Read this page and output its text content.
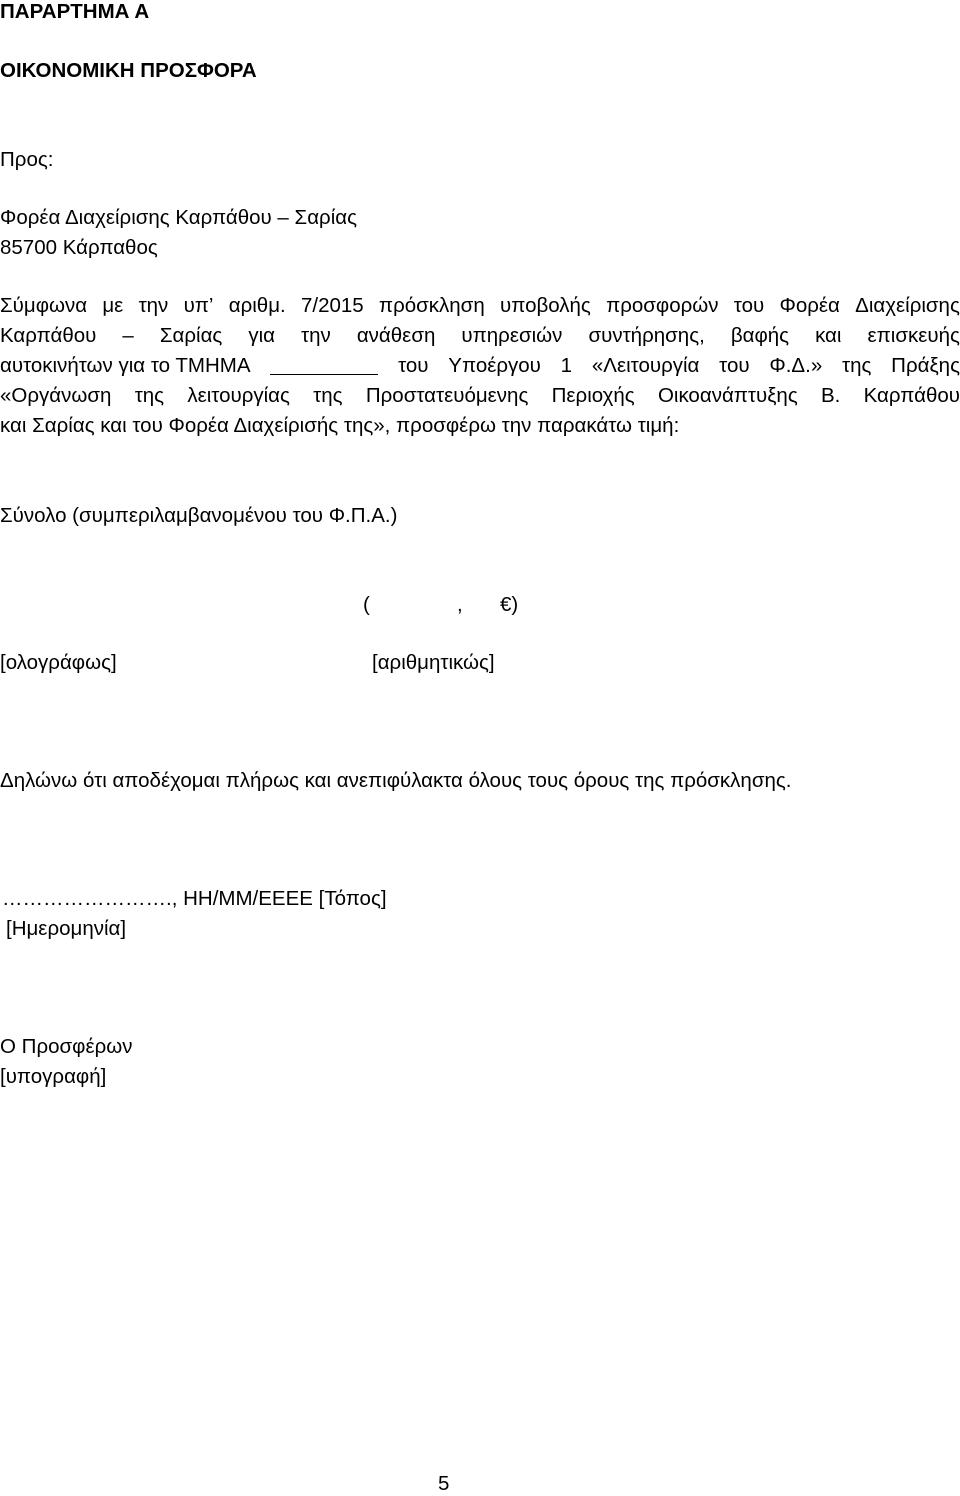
ΠΑΡΑΡΤΗΜΑ Α
ΟΙΚΟΝΟΜΙΚΗ ΠΡΟΣΦΟΡΑ
Προς:
Φορέα Διαχείρισης Καρπάθου – Σαρίας
85700 Κάρπαθος
Σύμφωνα με την υπ’ αριθμ. 7/2015 πρόσκληση υποβολής προσφορών του Φορέα Διαχείρισης
Καρπάθου – Σαρίας για την ανάθεση υπηρεσιών συντήρησης, βαφής και επισκευής
αυτοκινήτων για το ΤΜΗΜΑ	του Υποέργου 1 «Λειτουργία του Φ.Δ.» της Πράξης
«Οργάνωση της λειτουργίας της Προστατευόμενης Περιοχής Οικοανάπτυξης Β. Καρπάθου
και Σαρίας και του Φορέα Διαχείρισής της», προσφέρω την παρακάτω τιμή:
Σύνολο (συμπεριλαμβανομένου του Φ.Π.Α.)
(	, €)
[ολογράφως]	[αριθμητικώς]
Δηλώνω ότι αποδέχομαι πλήρως και ανεπιφύλακτα όλους τους όρους της πρόσκλησης.
……………………., ΗΗ/ΜΜ/ΕΕΕΕ [Τόπος]
[Ημερομηνία]
Ο Προσφέρων
[υπογραφή]
5
